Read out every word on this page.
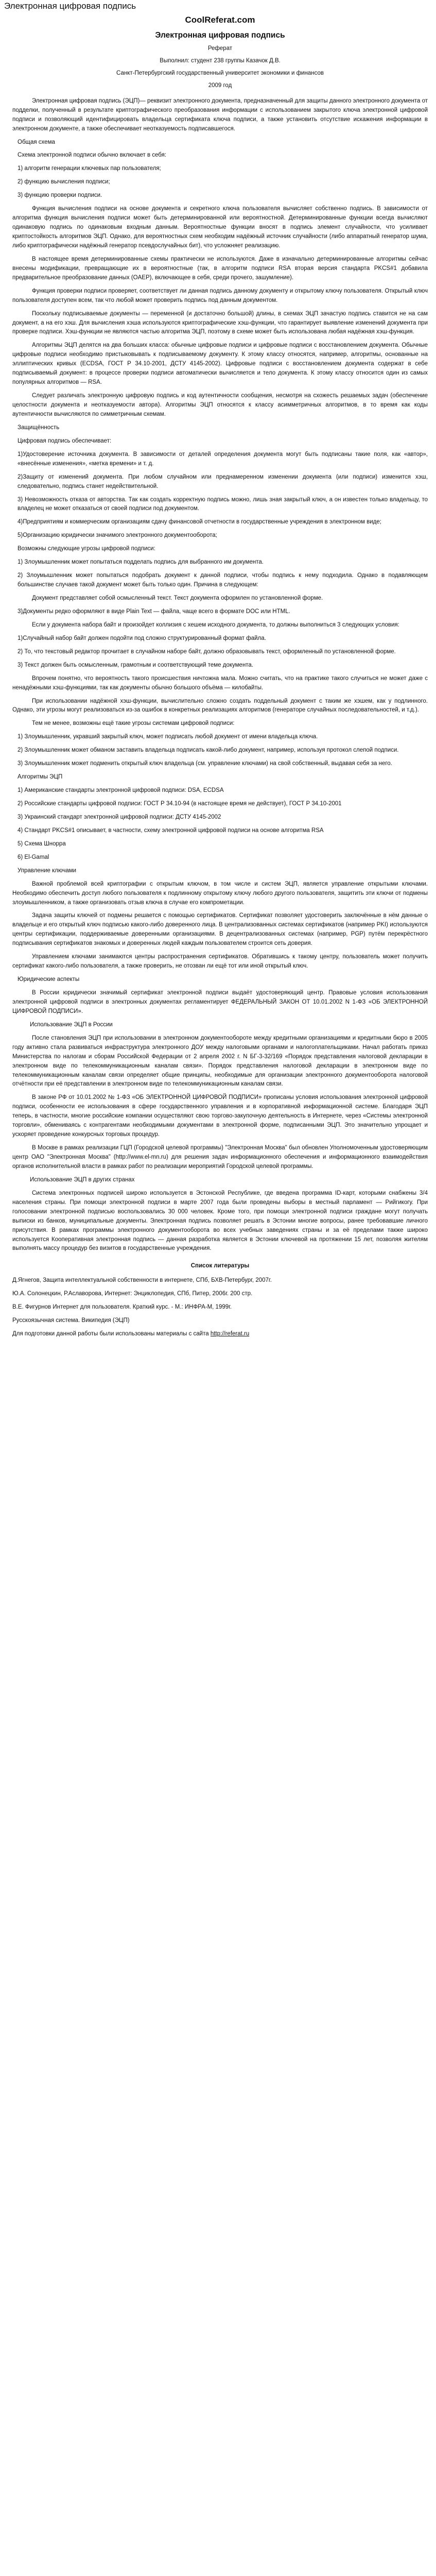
Электронная цифровая подпись
CoolReferat.com
Электронная цифровая подпись
Реферат
Выполнил: студент 238 группы Казачок Д.В.
Санкт-Петербургский государственный университет экономики и финансов
2009 год

Электронная цифровая подпись (ЭЦП)— реквизит электронного документа, предназначенный для защиты данного электронного документа от подделки, полученный в результате криптографического преобразования информации с использованием закрытого ключа электронной цифровой подписи и позволяющий идентифицировать владельца сертификата ключа подписи, а также установить отсутствие искажения информации в электронном документе, а также обеспечивает неотказуемость подписавшегося.

Общая схема

Схема электронной подписи обычно включает в себя:

1) алгоритм генерации ключевых пар пользователя;

2) функцию вычисления подписи;

3) функцию проверки подписи.

Функция вычисления подписи на основе документа и секретного ключа пользователя вычисляет собственно подпись. В зависимости от алгоритма функция вычисления подписи может быть детерминированной или вероятностной. Детерминированные функции всегда вычисляют одинаковую подпись по одинаковым входным данным. Вероятностные функции вносят в подпись элемент случайности, что усиливает криптостойкость алгоритмов ЭЦП. Однако, для вероятностных схем необходим надёжный источник случайности (либо аппаратный генератор шума, либо криптографически надёжный генератор псевдослучайных бит), что усложняет реализацию.

В настоящее время детерминированные схемы практически не используются. Даже в изначально детерминированные алгоритмы сейчас внесены модификации, превращающие их в вероятностные (так, в алгоритм подписи RSA вторая версия стандарта PKCS#1 добавила предварительное преобразование данных (OAEP), включающее в себя, среди прочего, зашумление).

Функция проверки подписи проверяет, соответствует ли данная подпись данному документу и открытому ключу пользователя. Открытый ключ пользователя доступен всем, так что любой может проверить подпись под данным документом.

Поскольку подписываемые документы — переменной (и достаточно большой) длины, в схемах ЭЦП зачастую подпись ставится не на сам документ, а на его хэш. Для вычисления хэша используются криптографические хэш-функции, что гарантирует выявление изменений документа при проверке подписи. Хэш-функции не являются частью алгоритма ЭЦП, поэтому в схеме может быть использована любая надёжная хэш-функция.

Алгоритмы ЭЦП делятся на два больших класса: обычные цифровые подписи и цифровые подписи с восстановлением документа. Обычные цифровые подписи необходимо пристыковывать к подписываемому документу. К этому классу относятся, например, алгоритмы, основанные на эллиптических кривых (ECDSA, ГОСТ Р 34.10-2001, ДСТУ 4145-2002). Цифровые подписи с восстановлением документа содержат в себе подписываемый документ: в процессе проверки подписи автоматически вычисляется и тело документа. К этому классу относится один из самых популярных алгоритмов — RSA.

Следует различать электронную цифровую подпись и код аутентичности сообщения, несмотря на схожесть решаемых задач (обеспечение целостности документа и неотказуемости автора). Алгоритмы ЭЦП относятся к классу асимметричных алгоритмов, в то время как коды аутентичности вычисляются по симметричным схемам.

Защищённость

Цифровая подпись обеспечивает:

1)Удостоверение источника документа. В зависимости от деталей определения документа могут быть подписаны такие поля, как «автор», «внесённые изменения», «метка времени» и т. д.

2)Защиту от изменений документа. При любом случайном или преднамеренном изменении документа (или подписи) изменится хэш, следовательно, подпись станет недействительной.

3) Невозможность отказа от авторства. Так как создать корректную подпись можно, лишь зная закрытый ключ, а он известен только владельцу, то владелец не может отказаться от своей подписи под документом.

4)Предприятиям и коммерческим организациям сдачу финансовой отчетности в государственные учреждения в электронном виде;

5)Организацию юридически значимого электронного документооборота;

Возможны следующие угрозы цифровой подписи:

1) Злоумышленник может попытаться подделать подпись для выбранного им документа.

2) Злоумышленник может попытаться подобрать документ к данной подписи, чтобы подпись к нему подходила. Однако в подавляющем большинстве случаев такой документ может быть только один. Причина в следующем:

Документ представляет собой осмысленный текст. Текст документа оформлен по установленной форме.

3)Документы редко оформляют в виде Plain Text — файла, чаще всего в формате DOC или HTML.

Если у документа набора байт и произойдет коллизия с хешем исходного документа, то должны выполниться 3 следующих условия:

1)Случайный набор байт должен подойти под сложно структурированный формат файла.

2) То, что текстовый редактор прочитает в случайном наборе байт, должно образовывать текст, оформленный по установленной форме.

3) Текст должен быть осмысленным, грамотным и соответствующий теме документа.

Впрочем понятно, что вероятность такого происшествия ничтожна мала. Можно считать, что на практике такого случиться не может даже с ненадёжными хэш-функциями, так как документы обычно большого объёма — килобайты.

При использовании надёжной хэш-функции, вычислительно сложно создать поддельный документ с таким же хэшем, как у подлинного. Однако, эти угрозы могут реализоваться из-за ошибок в конкретных реализациях алгоритмов (генераторе случайных последовательностей, и т.д.).

Тем не менее, возможны ещё такие угрозы системам цифровой подписи:

1) Злоумышленник, укравший закрытый ключ, может подписать любой документ от имени владельца ключа.

2) Злоумышленник может обманом заставить владельца подписать какой-либо документ, например, используя протокол слепой подписи.

3) Злоумышленник может подменить открытый ключ владельца (см. управление ключами) на свой собственный, выдавая себя за него.

Алгоритмы ЭЦП

1) Американские стандарты электронной цифровой подписи: DSA, ECDSA

2) Российские стандарты цифровой подписи: ГОСТ Р 34.10-94 (в настоящее время не действует), ГОСТ Р 34.10-2001

3) Украинский стандарт электронной цифровой подписи: ДСТУ 4145-2002

4) Стандарт PKCS#1 описывает, в частности, схему электронной цифровой подписи на основе алгоритма RSA

5) Схема Шнорра

6) El-Gamal

Управление ключами

Важной проблемой всей криптографии с открытым ключом, в том числе и систем ЭЦП, является управление открытыми ключами. Необходимо обеспечить доступ любого пользователя к подлинному открытому ключу любого другого пользователя, защитить эти ключи от подмены злоумышленником, а также организовать отзыв ключа в случае его компрометации.

Задача защиты ключей от подмены решается с помощью сертификатов. Сертификат позволяет удостоверить заключённые в нём данные о владельце и его открытый ключ подписью какого-либо доверенного лица. В централизованных системах сертификатов (например PKI) используются центры сертификации, поддерживаемые доверенными организациями. В децентрализованных системах (например, PGP) путём перекрёстного подписывания сертификатов знакомых и доверенных людей каждым пользователем строится сеть доверия.

Управлением ключами занимаются центры распространения сертификатов. Обратившись к такому центру, пользователь может получить сертификат какого-либо пользователя, а также проверить, не отозван ли ещё тот или иной открытый ключ.

Юридические аспекты

В России юридически значимый сертификат электронной подписи выдаёт удостоверяющий центр. Правовые условия использования электронной цифровой подписи в электронных документах регламентирует ФЕДЕРАЛЬНЫЙ ЗАКОН ОТ 10.01.2002 N 1-ФЗ «ОБ ЭЛЕКТРОННОЙ ЦИФРОВОЙ ПОДПИСИ».

Использование ЭЦП в России

После становления ЭЦП при использовании в электронном документообороте между кредитными организациями и кредитными бюро в 2005 году активно стала развиваться инфраструктура электронного ДОУ между налоговыми органами и налогоплательщиками. Начал работать приказ Министерства по налогам и сборам Российской Федерации от 2 апреля 2002 г. N БГ-3-32/169 «Порядок представления налоговой декларации в электронном виде по телекоммуникационным каналам связи». Порядок представления налоговой декларации в электронном виде по телекоммуникационным каналам связи определяет общие принципы, необходимые для организации электронного документооборота налоговой отчётности при её представлении в электронном виде по телекоммуникационным каналам связи.

В законе РФ от 10.01.2002 № 1-ФЗ «ОБ ЭЛЕКТРОННОЙ ЦИФРОВОЙ ПОДПИСИ» прописаны условия использования электронной цифровой подписи, особенности ее использования в сфере государственного управления и в корпоративной информационной системе. Благодаря ЭЦП теперь, в частности, многие российские компании осуществляют свою торгово-закупочную деятельность в Интернете, через «Системы электронной торговли», обмениваясь с контрагентами необходимыми документами в электронной форме, подписанными ЭЦП. Это значительно упрощает и ускоряет проведение конкурсных торговых процедур.

В Москве в рамках реализации ГЦП (Городской целевой программы) "Электронная Москва" был обновлен Уполномоченным удостоверяющим центр ОАО "Электронная Москва" (http://www.el-mn.ru) для решения задач информационного обеспечения и информационного взаимодействия органов исполнительной власти в рамках работ по реализации мероприятий Городской целевой программы.

Использование ЭЦП в других странах

Система электронных подписей широко используется в Эстонской Республике, где введена программа ID-карт, которыми снабжены 3/4 населения страны. При помощи электронной подписи в марте 2007 года были проведены выборы в местный парламент — Рийгикогу. При голосовании электронной подписью воспользовались 30 000 человек. Кроме того, при помощи электронной подписи граждане могут получать выписки из банков, муниципальные документы. Электронная подпись позволяет решать в Эстонии многие вопросы, ранее требовавшие личного присутствия. В рамках программы электронного документооборота во всех учебных заведениях страны и за её пределами также широко используется Кооперативная электронная подпись — данная разработка является в Эстонии ключевой на протяжении 15 лет, позволяя жителям выполнять массу процедур без визитов в государственные учреждения.

Список литературы

Д.Ягнегов, Защита интеллектуальной собственности в интернете, СПб, БХВ-Петербург, 2007г.

Ю.А. Солонецкин, Р.Аславорова, Интернет: Энциклопедия, СПб, Питер, 2006г. 200 стр.

В.Е. Фигурнов Интернет для пользователя. Краткий курс. - М.: ИНФРА-М, 1999г.

Русскоязычная система. Википедия (ЭЦП)

Для подготовки данной работы были использованы материалы с сайта http://referat.ru
